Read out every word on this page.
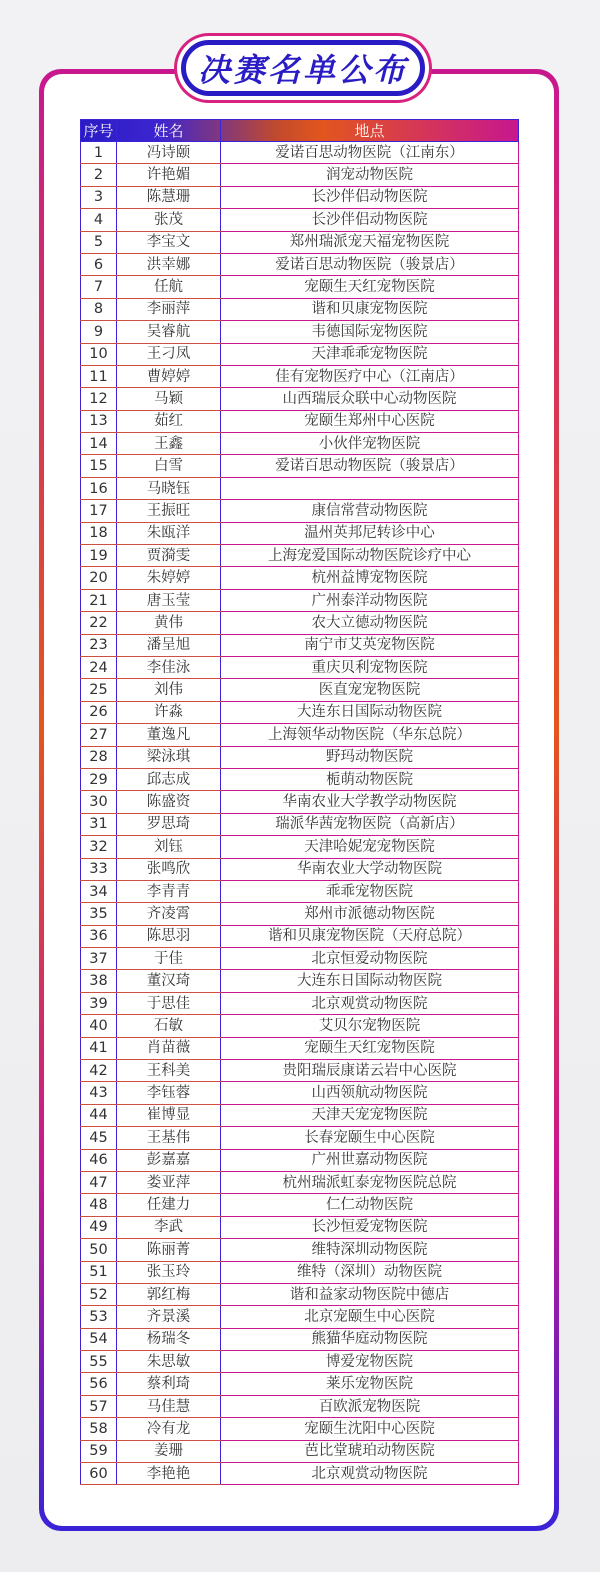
决赛名单公布
序号	姓名	地点
1	冯诗颐	爱诺百思动物医院（江南东）
2	许艳媚	润宠动物医院
3	陈慧珊	长沙伴侣动物医院
4	张茂	长沙伴侣动物医院
5	李宝文	郑州瑞派宠天福宠物医院
6	洪幸娜	爱诺百思动物医院（骏景店）
7	任航	宠颐生天红宠物医院
8	李丽萍	谐和贝康宠物医院
9	吴睿航	韦德国际宠物医院
10	王刁凤	天津乖乖宠物医院
11	曹婷婷	佳有宠物医疗中心（江南店）
12	马颖	山西瑞辰众联中心动物医院
13	茹红	宠颐生郑州中心医院
14	王鑫	小伙伴宠物医院
15	白雪	爱诺百思动物医院（骏景店）
16	马晓钰	
17	王振旺	康信常营动物医院
18	朱瓯洋	温州英邦尼转诊中心
19	贾漪雯	上海宠爱国际动物医院诊疗中心
20	朱婷婷	杭州益博宠物医院
21	唐玉莹	广州泰洋动物医院
22	黄伟	农大立德动物医院
23	潘呈旭	南宁市艾英宠物医院
24	李佳泳	重庆贝利宠物医院
25	刘伟	医直宠宠物医院
26	许淼	大连东日国际动物医院
27	董逸凡	上海领华动物医院（华东总院）
28	梁泳琪	野玛动物医院
29	邱志成	栀萌动物医院
30	陈盛资	华南农业大学教学动物医院
31	罗思琦	瑞派华茜宠物医院（高新店）
32	刘钰	天津哈妮宠宠物医院
33	张鸣欣	华南农业大学动物医院
34	李青青	乖乖宠物医院
35	齐凌霄	郑州市派德动物医院
36	陈思羽	谐和贝康宠物医院（天府总院）
37	于佳	北京恒爱动物医院
38	董汉琦	大连东日国际动物医院
39	于思佳	北京观赏动物医院
40	石敏	艾贝尔宠物医院
41	肖苗薇	宠颐生天红宠物医院
42	王科美	贵阳瑞辰康诺云岩中心医院
43	李钰蓉	山西领航动物医院
44	崔博显	天津天宠宠物医院
45	王基伟	长春宠颐生中心医院
46	彭嘉嘉	广州世嘉动物医院
47	娄亚萍	杭州瑞派虹泰宠物医院总院
48	任建力	仁仁动物医院
49	李武	长沙恒爱宠物医院
50	陈丽菁	维特深圳动物医院
51	张玉玲	维特（深圳）动物医院
52	郭红梅	谐和益家动物医院中德店
53	齐景溪	北京宠颐生中心医院
54	杨瑞冬	熊猫华庭动物医院
55	朱思敏	博爱宠物医院
56	蔡利琦	莱乐宠物医院
57	马佳慧	百欧派宠物医院
58	冷有龙	宠颐生沈阳中心医院
59	姜珊	芭比堂琥珀动物医院
60	李艳艳	北京观赏动物医院
